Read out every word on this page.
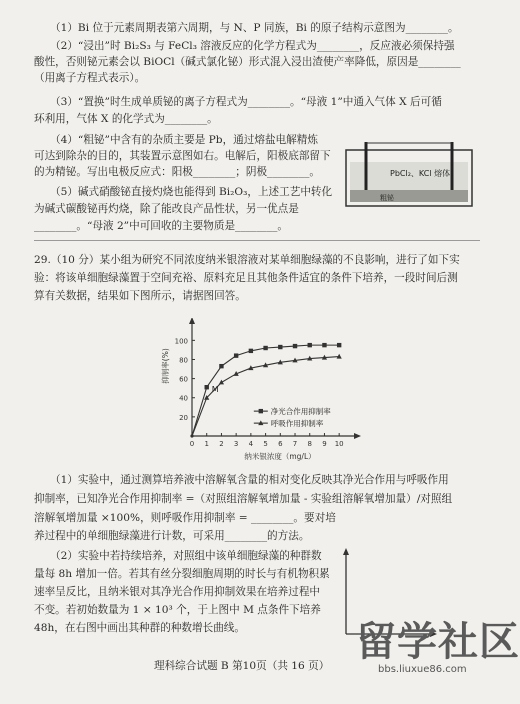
（1）Bi 位于元素周期表第六周期，与 N、P 同族，Bi 的原子结构示意图为________。
（2）“浸出”时 Bi₂S₃ 与 FeCl₃ 溶液反应的化学方程式为________，反应液必须保持强
酸性，否则铋元素会以 BiOCl（碱式氯化铋）形式混入浸出渣使产率降低，原因是________
（用离子方程式表示）。
（3）“置换”时生成单质铋的离子方程式为________。“母液 1”中通入气体 X 后可循
环利用，气体 X 的化学式为________。
（4）“粗铋”中含有的杂质主要是 Pb，通过熔盐电解精炼
可达到除杂的目的，其装置示意图如右。电解后，阳极底部留下
的为精铋。写出电极反应式：阳极________；阴极________。
（5）碱式硝酸铋直接灼烧也能得到 Bi₂O₃，上述工艺中转化
为碱式碳酸铋再灼烧，除了能改良产品性状，另一优点是
________。“母液 2”中可回收的主要物质是________。
PbCl₂、KCl 熔体
粗铋
29.（10 分）某小组为研究不同浓度纳米银溶液对某单细胞绿藻的不良影响，进行了如下实
验：将该单细胞绿藻置于空间充裕、原料充足且其他条件适宜的条件下培养，一段时间后测
算有关数据，结果如下图所示，请据图回答。
20
40
60
80
100
0 1 2 3 4 5 6 7 8 9 10
抑制率(%)
纳米银浓度（mg/L）
M
净光合作用抑制率
呼吸作用抑制率
（1）实验中，通过测算培养液中溶解氧含量的相对变化反映其净光合作用与呼吸作用
抑制率，已知净光合作用抑制率 =（对照组溶解氧增加量 - 实验组溶解氧增加量）/对照组
溶解氧增加量 ×100%，则呼吸作用抑制率 = ________。要对培
养过程中的单细胞绿藻进行计数，可采用________的方法。
（2）实验中若持续培养，对照组中该单细胞绿藻的种群数
量每 8h 增加一倍。若其有丝分裂细胞周期的时长与有机物积累
速率呈反比，且纳米银对其净光合作用抑制效果在培养过程中
不变。若初始数量为 1 × 10³ 个，于上图中 M 点条件下培养
48h，在右图中画出其种群的种数增长曲线。
理科综合试题 B 第10页（共 16 页）
留学社区
bbs.liuxue86.com
